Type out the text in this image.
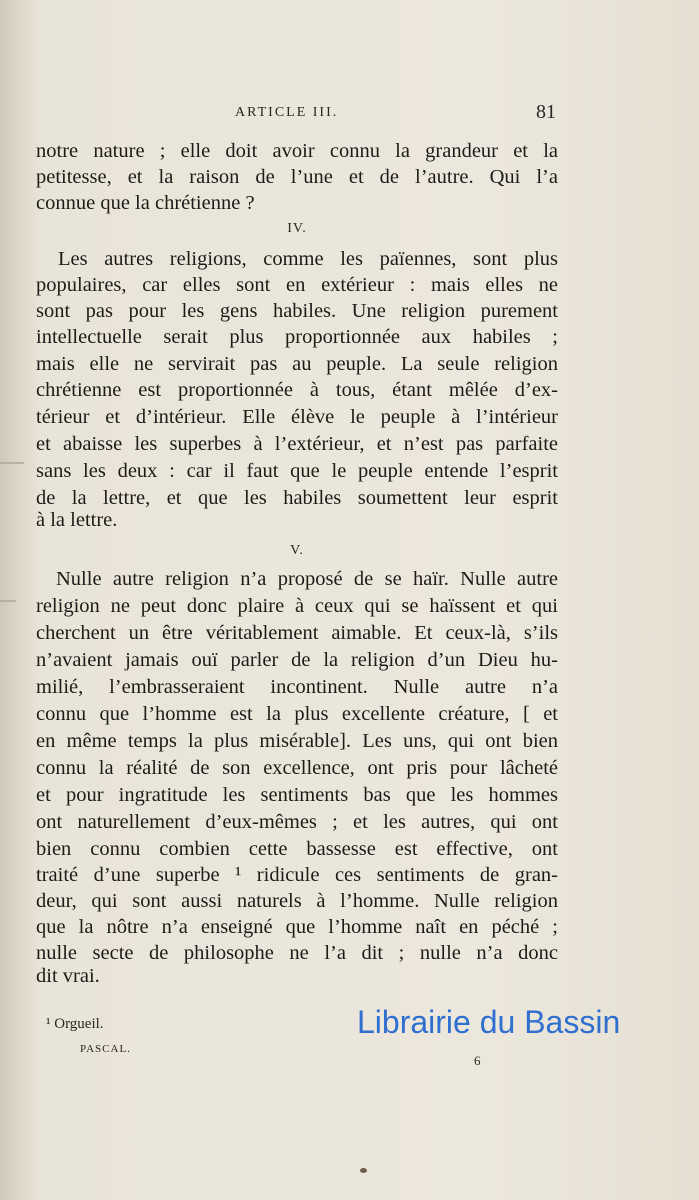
ARTICLE III.	81
notre nature ; elle doit avoir connu la grandeur et la
petitesse, et la raison de l’une et de l’autre. Qui l’a
connue que la chrétienne ?
IV.
Les autres religions, comme les païennes, sont plus
populaires, car elles sont en extérieur : mais elles ne
sont pas pour les gens habiles. Une religion purement
intellectuelle serait plus proportionnée aux habiles ;
mais elle ne servirait pas au peuple. La seule religion
chrétienne est proportionnée à tous, étant mêlée d’ex-
térieur et d’intérieur. Elle élève le peuple à l’intérieur
et abaisse les superbes à l’extérieur, et n’est pas parfaite
sans les deux : car il faut que le peuple entende l’esprit
de la lettre, et que les habiles soumettent leur esprit
à la lettre.
V.
Nulle autre religion n’a proposé de se haïr. Nulle autre
religion ne peut donc plaire à ceux qui se haïssent et qui
cherchent un être véritablement aimable. Et ceux-là, s’ils
n’avaient jamais ouï parler de la religion d’un Dieu hu-
milié, l’embrasseraient incontinent. Nulle autre n’a
connu que l’homme est la plus excellente créature, [ et
en même temps la plus misérable]. Les uns, qui ont bien
connu la réalité de son excellence, ont pris pour lâcheté
et pour ingratitude les sentiments bas que les hommes
ont naturellement d’eux-mêmes ; et les autres, qui ont
bien connu combien cette bassesse est effective, ont
traité d’une superbe ¹ ridicule ces sentiments de gran-
deur, qui sont aussi naturels à l’homme. Nulle religion
que la nôtre n’a enseigné que l’homme naît en péché ;
nulle secte de philosophe ne l’a dit ; nulle n’a donc
dit vrai.
¹ Orgueil.
PASCAL.
6
Librairie du Bassin
